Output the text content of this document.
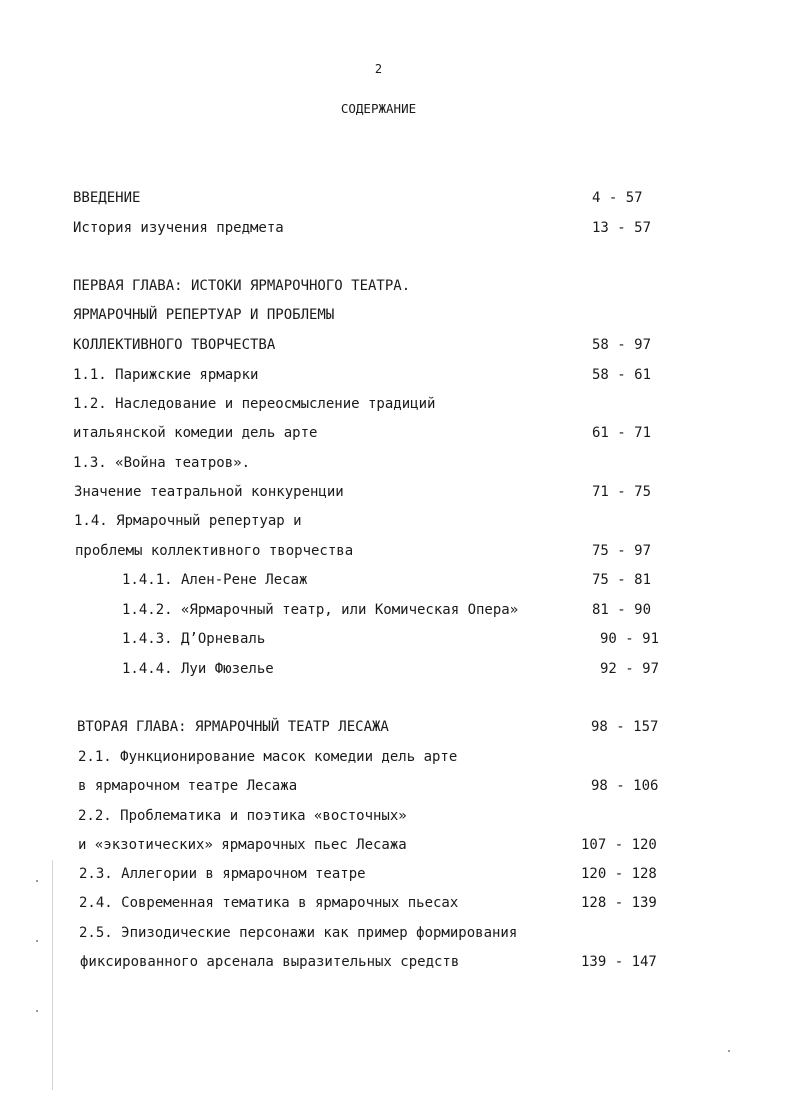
2
СОДЕРЖАНИЕ
ВВЕДЕНИЕ	4 - 57
История изучения предмета	13 - 57
ПЕРВАЯ ГЛАВА: ИСТОКИ ЯРМАРОЧНОГО ТЕАТРА.
ЯРМАРОЧНЫЙ РЕПЕРТУАР И ПРОБЛЕМЫ
КОЛЛЕКТИВНОГО ТВОРЧЕСТВА	58 - 97
1.1. Парижские ярмарки	58 - 61
1.2. Наследование и переосмысление традиций
итальянской комедии дель арте	61 - 71
1.3. «Война театров».
Значение театральной конкуренции	71 - 75
1.4. Ярмарочный репертуар и
проблемы коллективного творчества	75 - 97
1.4.1. Ален-Рене Лесаж	75 - 81
1.4.2. «Ярмарочный театр, или Комическая Опера»	81 - 90
1.4.3. Д’Орневаль	90 - 91
1.4.4. Луи Фюзелье	92 - 97
ВТОРАЯ ГЛАВА: ЯРМАРОЧНЫЙ ТЕАТР ЛЕСАЖА	98 - 157
2.1. Функционирование масок комедии дель арте
в ярмарочном театре Лесажа	98 - 106
2.2. Проблематика и поэтика «восточных»
и «экзотических» ярмарочных пьес Лесажа	107 - 120
2.3. Аллегории в ярмарочном театре	120 - 128
2.4. Современная тематика в ярмарочных пьесах	128 - 139
2.5. Эпизодические персонажи как пример формирования
фиксированного арсенала выразительных средств	139 - 147
